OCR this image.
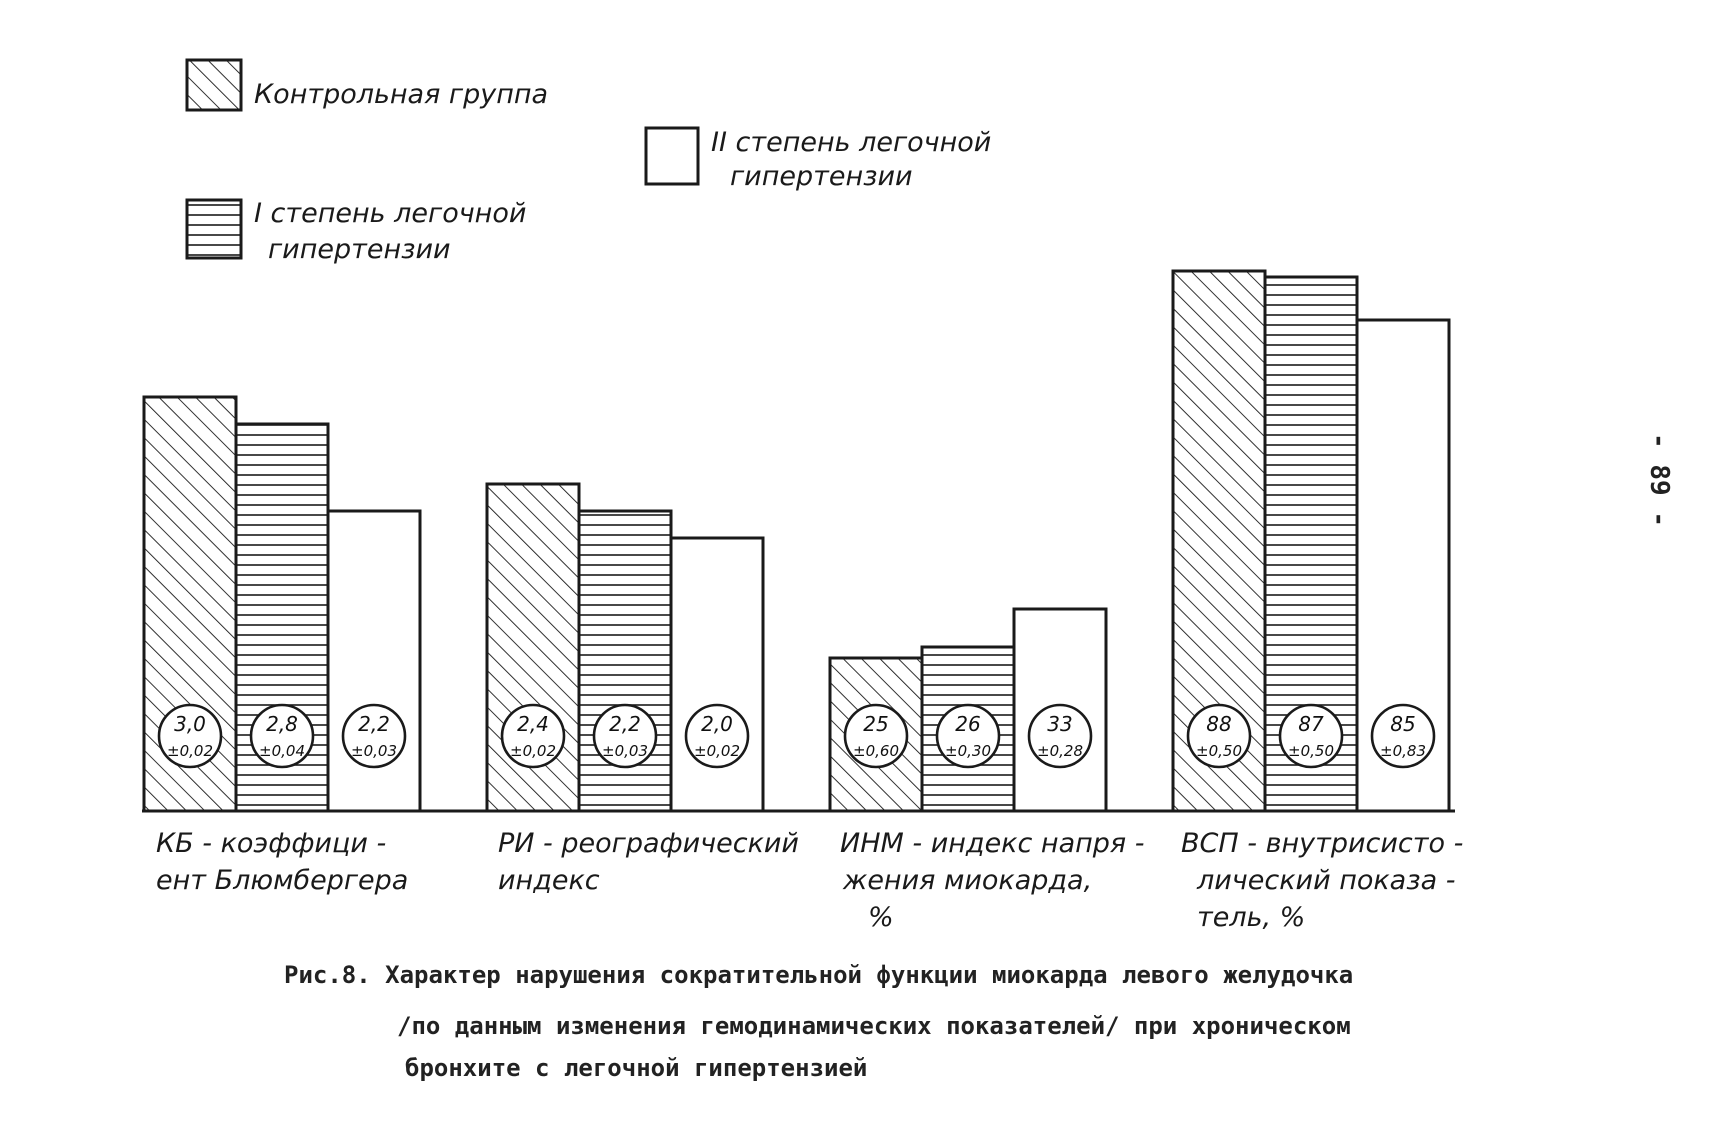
Контрольная группа
I степень легочной
гипертензии
II степень легочной
гипертензии
3,0
±0,02
2,8
±0,04
2,2
±0,03
2,4
±0,02
2,2
±0,03
2,0
±0,02
25
±0,60
26
±0,30
33
±0,28
88
±0,50
87
±0,50
85
±0,83
КБ - коэффици -
ент Блюмбергера
РИ - реографический
индекс
ИНМ - индекс напря -
жения миокарда,
%
ВСП - внутрисисто -
лический показа -
тель, %
- 89 -
Рис.8. Характер нарушения сократительной функции миокарда левого желудочка
/по данным изменения гемодинамических показателей/ при хроническом
бронхите с легочной гипертензией
